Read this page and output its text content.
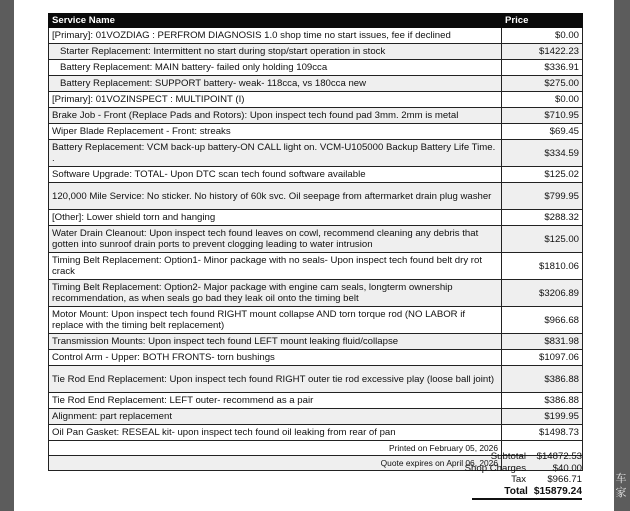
Service Name	Price
[Primary]: 01VOZDIAG : PERFROM DIAGNOSIS 1.0 shop time no start issues, fee if declined	$0.00
Starter Replacement: Intermittent no start during stop/start operation in stock	$1422.23
Battery Replacement: MAIN battery- failed only holding 109cca	$336.91
Battery Replacement: SUPPORT battery- weak- 118cca, vs 180cca new	$275.00
[Primary]: 01VOZINSPECT : MULTIPOINT (I)	$0.00
Brake Job - Front (Replace Pads and Rotors): Upon inspect tech found pad 3mm. 2mm is metal	$710.95
Wiper Blade Replacement - Front: streaks	$69.45
Battery Replacement: VCM back-up battery-ON CALL light on. VCM-U105000 Backup Battery Life Time. .	$334.59
Software Upgrade: TOTAL- Upon DTC scan tech found software available	$125.02
120,000 Mile Service: No sticker. No history of 60k svc. Oil seepage from aftermarket drain plug washer	$799.95
[Other]: Lower shield torn and hanging	$288.32
Water Drain Cleanout: Upon inspect tech found leaves on cowl, recommend cleaning any debris that gotten into sunroof drain ports to prevent clogging leading to water intrusion	$125.00
Timing Belt Replacement: Option1- Minor package with no seals- Upon inspect tech found belt dry rot crack	$1810.06
Timing Belt Replacement: Option2- Major package with engine cam seals, longterm ownership recommendation, as when seals go bad they leak oil onto the timing belt	$3206.89
Motor Mount: Upon inspect tech found RIGHT mount collapse AND torn torque rod (NO LABOR if replace with the timing belt replacement)	$966.68
Transmission Mounts: Upon inspect tech found LEFT mount leaking fluid/collapse	$831.98
Control Arm - Upper: BOTH FRONTS- torn bushings	$1097.06
Tie Rod End Replacement: Upon inspect tech found RIGHT outer tie rod excessive play (loose ball joint)	$386.88
Tie Rod End Replacement: LEFT outer- recommend as a pair	$386.88
Alignment: part replacement	$199.95
Oil Pan Gasket: RESEAL kit- upon inspect tech found oil leaking from rear of pan	$1498.73
Printed on February 05, 2026	
Quote expires on April 06, 2026	
Subtotal	$14872.53
Shop Charges	$40.00
Tax	$966.71
Total $15879.24
车
家
